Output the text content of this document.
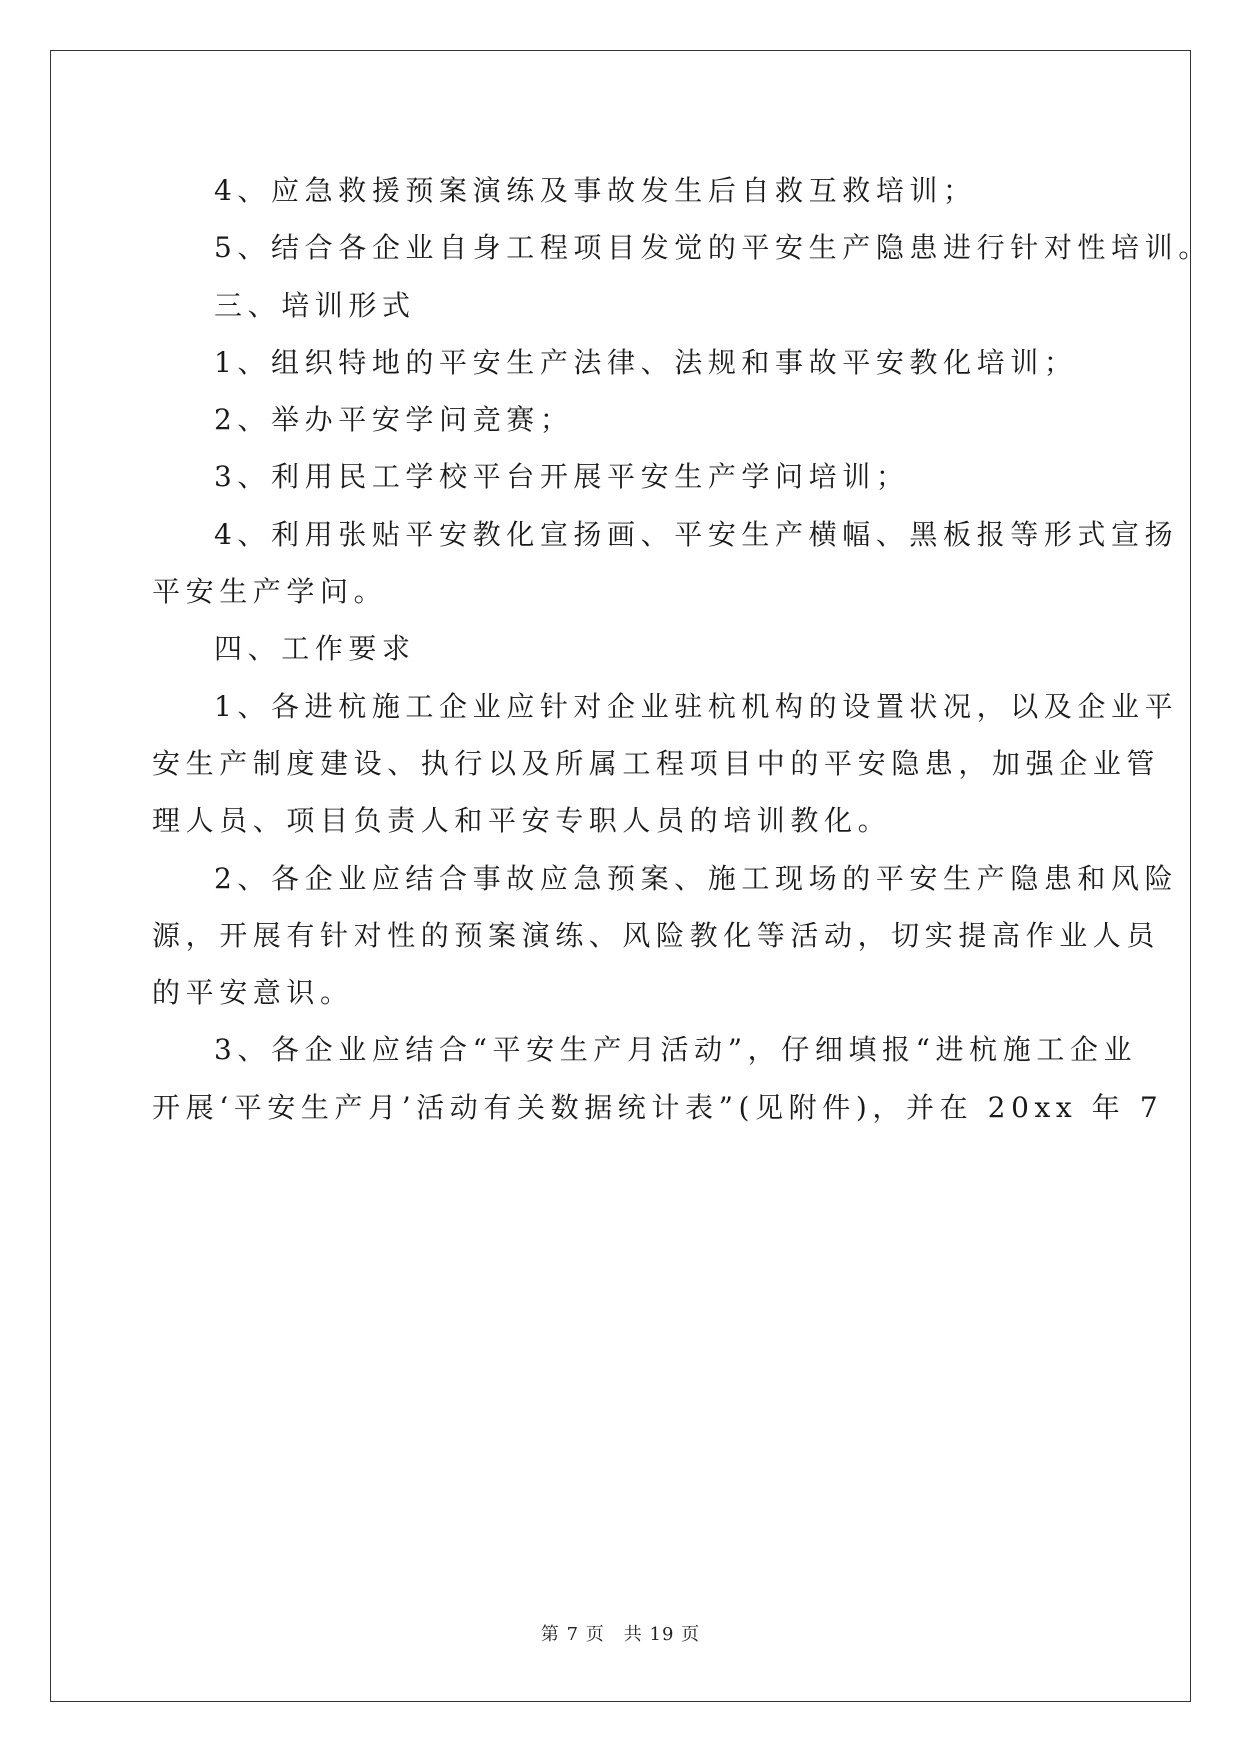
4、应急救援预案演练及事故发生后自救互救培训；

5、结合各企业自身工程项目发觉的平安生产隐患进行针对性培训。

三、培训形式

1、组织特地的平安生产法律、法规和事故平安教化培训；

2、举办平安学问竞赛；

3、利用民工学校平台开展平安生产学问培训；

4、利用张贴平安教化宣扬画、平安生产横幅、黑板报等形式宣扬

平安生产学问。

四、工作要求

1、各进杭施工企业应针对企业驻杭机构的设置状况，以及企业平

安生产制度建设、执行以及所属工程项目中的平安隐患，加强企业管

理人员、项目负责人和平安专职人员的培训教化。

2、各企业应结合事故应急预案、施工现场的平安生产隐患和风险

源，开展有针对性的预案演练、风险教化等活动，切实提高作业人员

的平安意识。

3、各企业应结合“平安生产月活动”，仔细填报“进杭施工企业

开展‘平安生产月’活动有关数据统计表”(见附件)，并在 20xx 年 7

第 7 页　共 19 页
